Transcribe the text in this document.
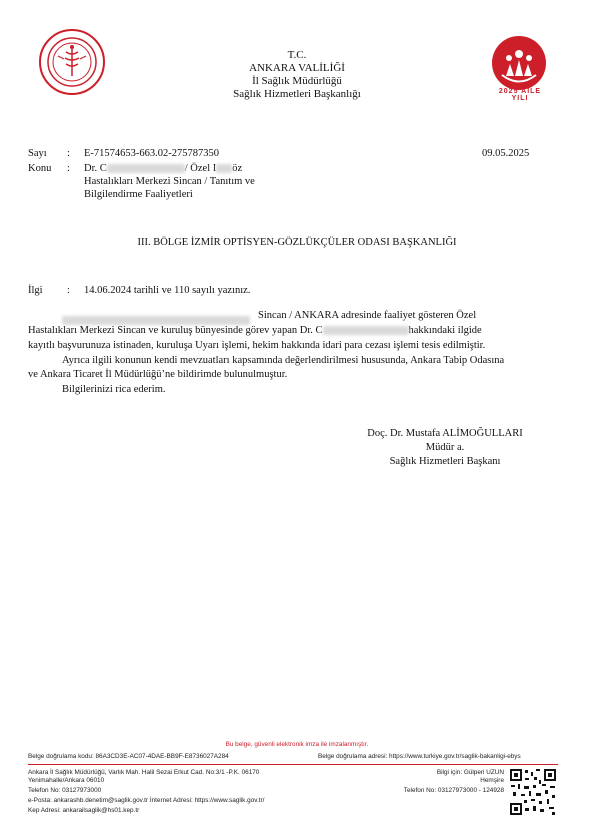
2025 AİLE YILI
T.C.
ANKARA VALİLİĞİ
İl Sağlık Müdürlüğü
Sağlık Hizmetleri Başkanlığı
Sayı : E-71574653-663.02-275787350	09.05.2025
Konu : Dr. C	/ Özel I öz
Hastalıkları Merkezi Sincan / Tanıtım ve
Bilgilendirme Faaliyetleri
III. BÖLGE İZMİR OPTİSYEN-GÖZLÜKÇÜLER ODASI BAŞKANLIĞI
İlgi : 14.06.2024 tarihli ve 110 sayılı yazınız.
Sincan / ANKARA adresinde faaliyet gösteren Özel
Hastalıkları Merkezi Sincan ve kuruluş bünyesinde görev yapan Dr. C	hakkındaki ilgide
kayıtlı başvurunuza istinaden, kuruluşa Uyarı işlemi, hekim hakkında idari para cezası işlemi tesis edilmiştir.
Ayrıca ilgili konunun kendi mevzuatları kapsamında değerlendirilmesi hususunda, Ankara Tabip Odasına
ve Ankara Ticaret İl Müdürlüğü’ne bildirimde bulunulmuştur.
Bilgilerinizi rica ederim.
Doç. Dr. Mustafa ALİMOĞULLARI
Müdür a.
Sağlık Hizmetleri Başkanı
Bu belge, güvenli elektronik imza ile imzalanmıştır.
Belge doğrulama kodu: 86A3CD3E-AC07-4DAE-BB9F-E8736027A284	Belge doğrulama adresi: https://www.turkiye.gov.tr/saglik-bakanligi-ebys
Ankara İl Sağlık Müdürlüğü, Varlık Mah. Halil Sezai Erkut Cad. No:3/1 -P.K. 06170
Yenimahalle/Ankara 06010
Telefon No: 03127973000
e-Posta: ankarashb.denetim@saglik.gov.tr İnternet Adresi: https://www.saglik.gov.tr/
Kep Adresi: ankarailsaglik@hs01.kep.tr
Bilgi için: Gülperi UZUN
Hemşire
Telefon No: 03127973000 - 124928
